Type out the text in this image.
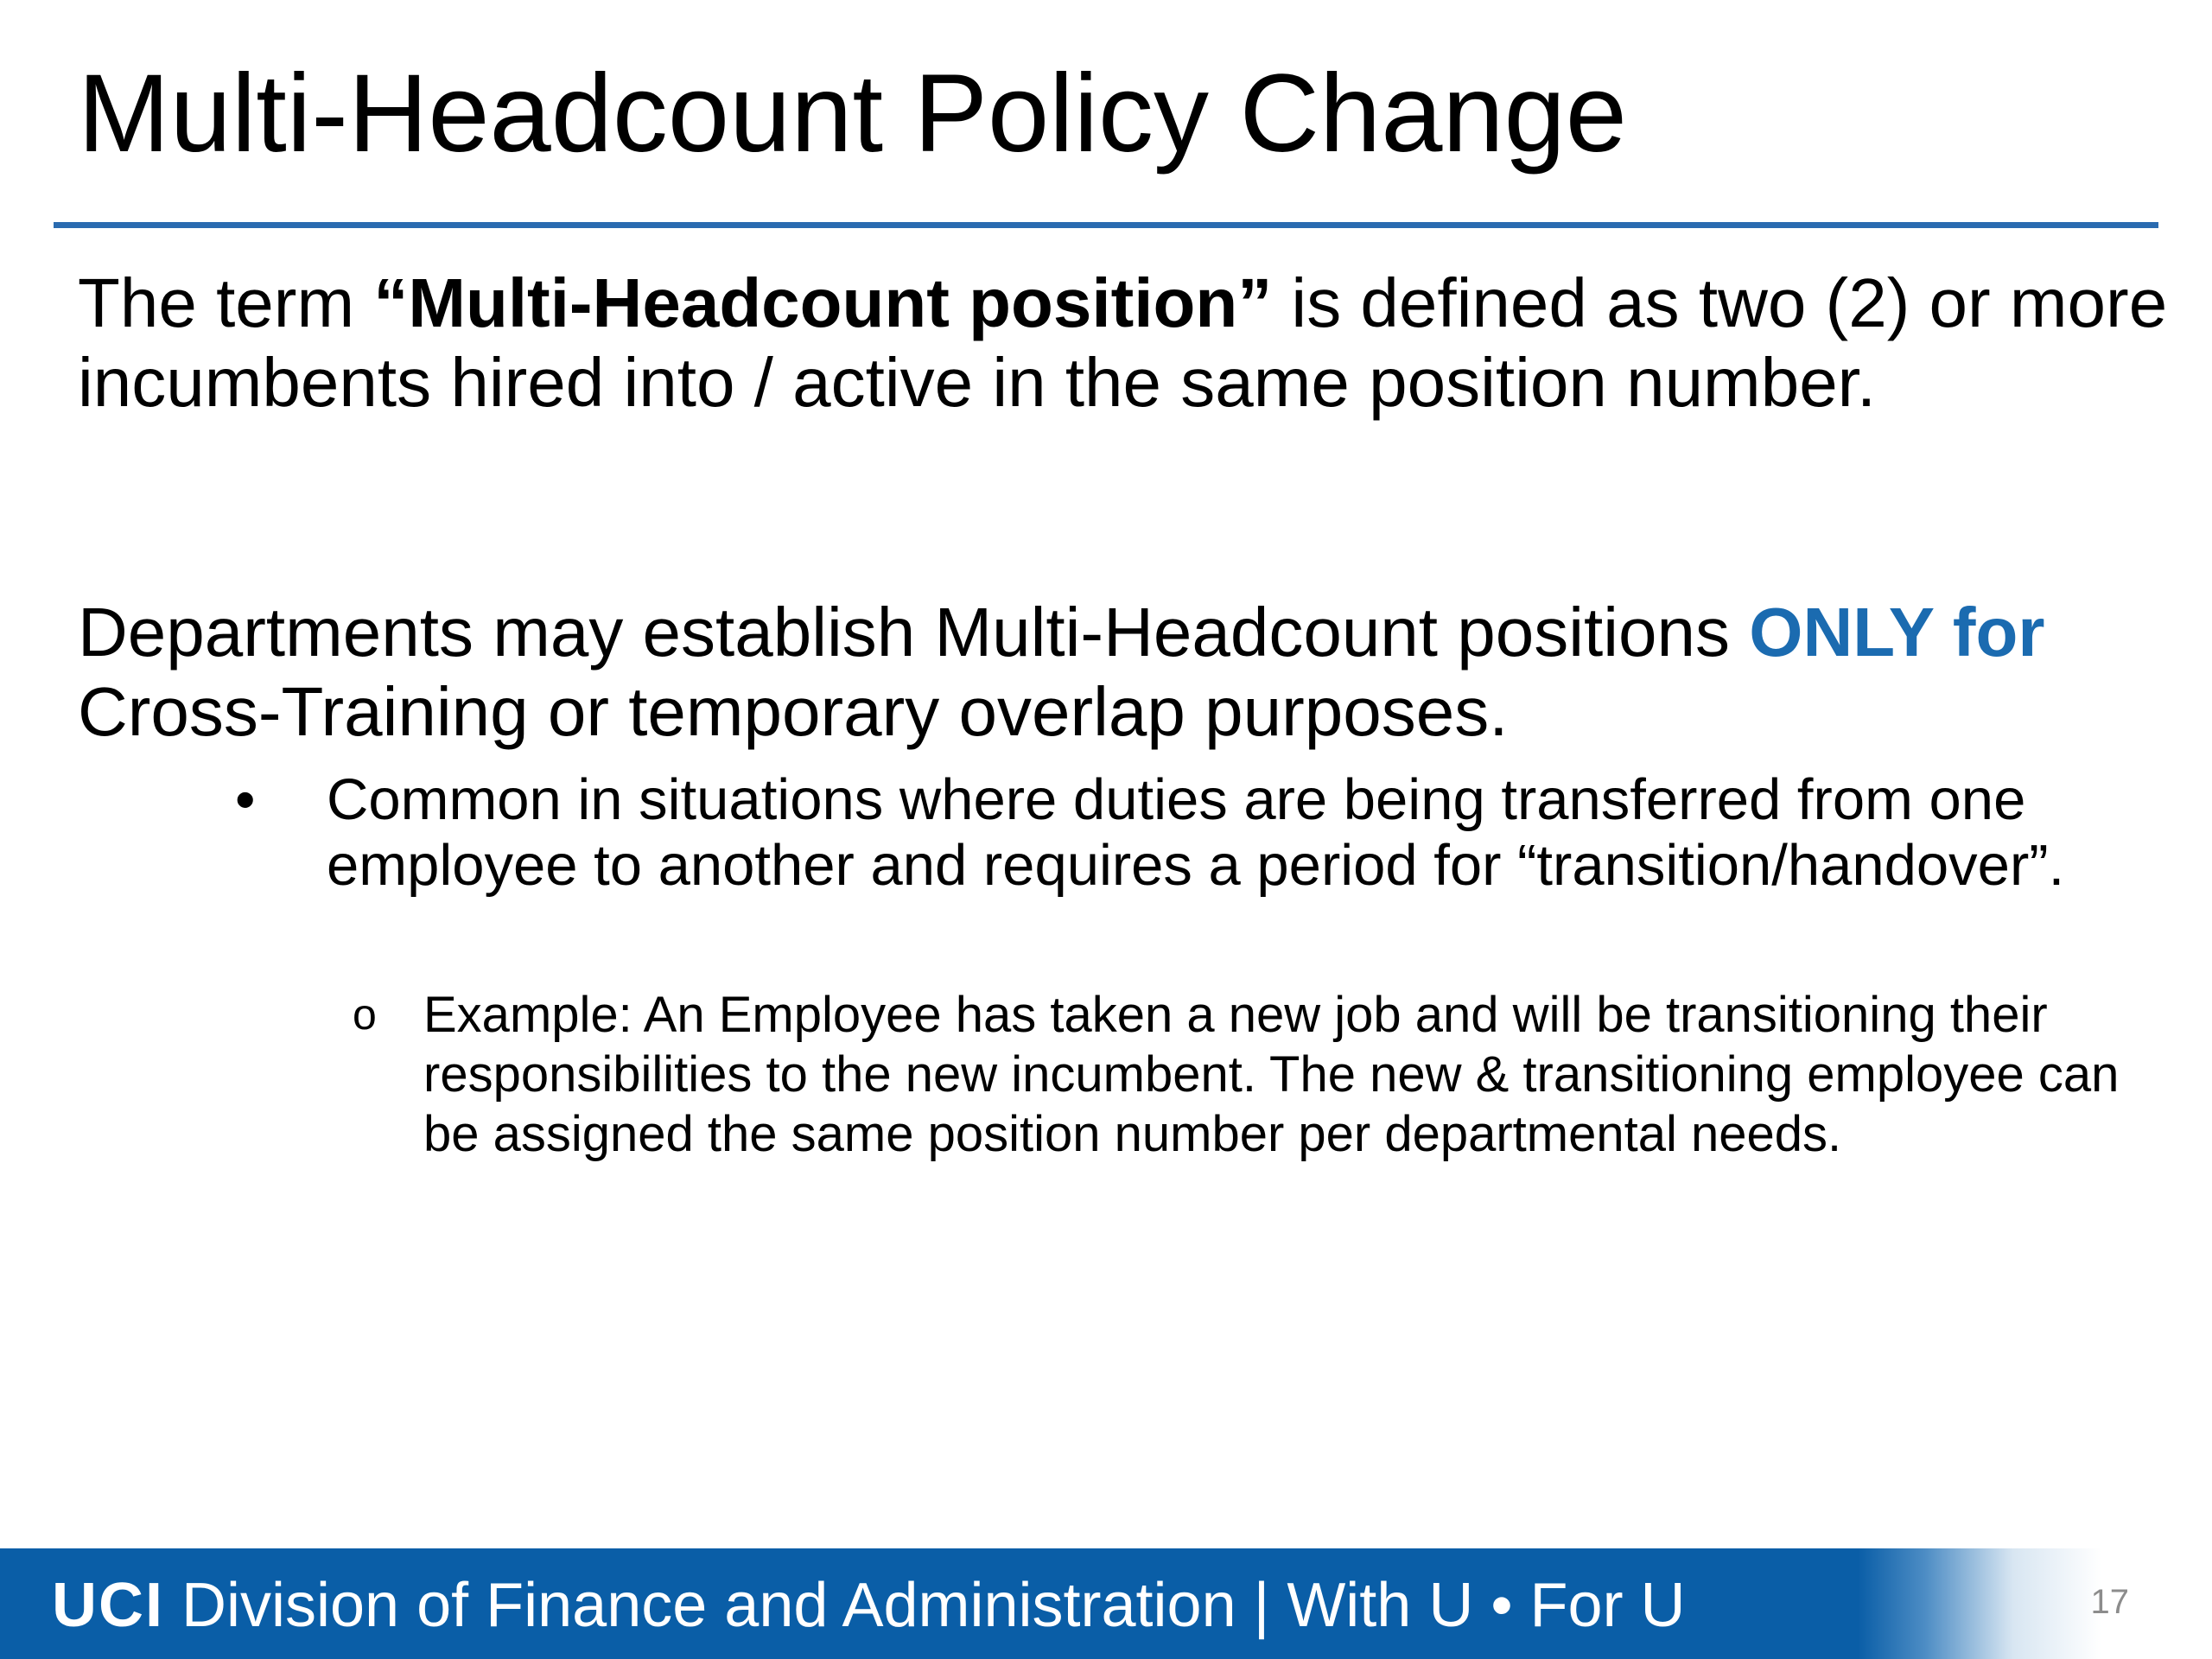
Multi-Headcount Policy Change

The term “Multi-Headcount position” is defined as two (2) or more incumbents hired into / active in the same position number.

Departments may establish Multi-Headcount positions ONLY for Cross-Training or temporary overlap purposes.

• Common in situations where duties are being transferred from one employee to another and requires a period for “transition/handover”.
o Example: An Employee has taken a new job and will be transitioning their responsibilities to the new incumbent. The new & transitioning employee can be assigned the same position number per departmental needs.
UCI Division of Finance and Administration | With U • For U	17
